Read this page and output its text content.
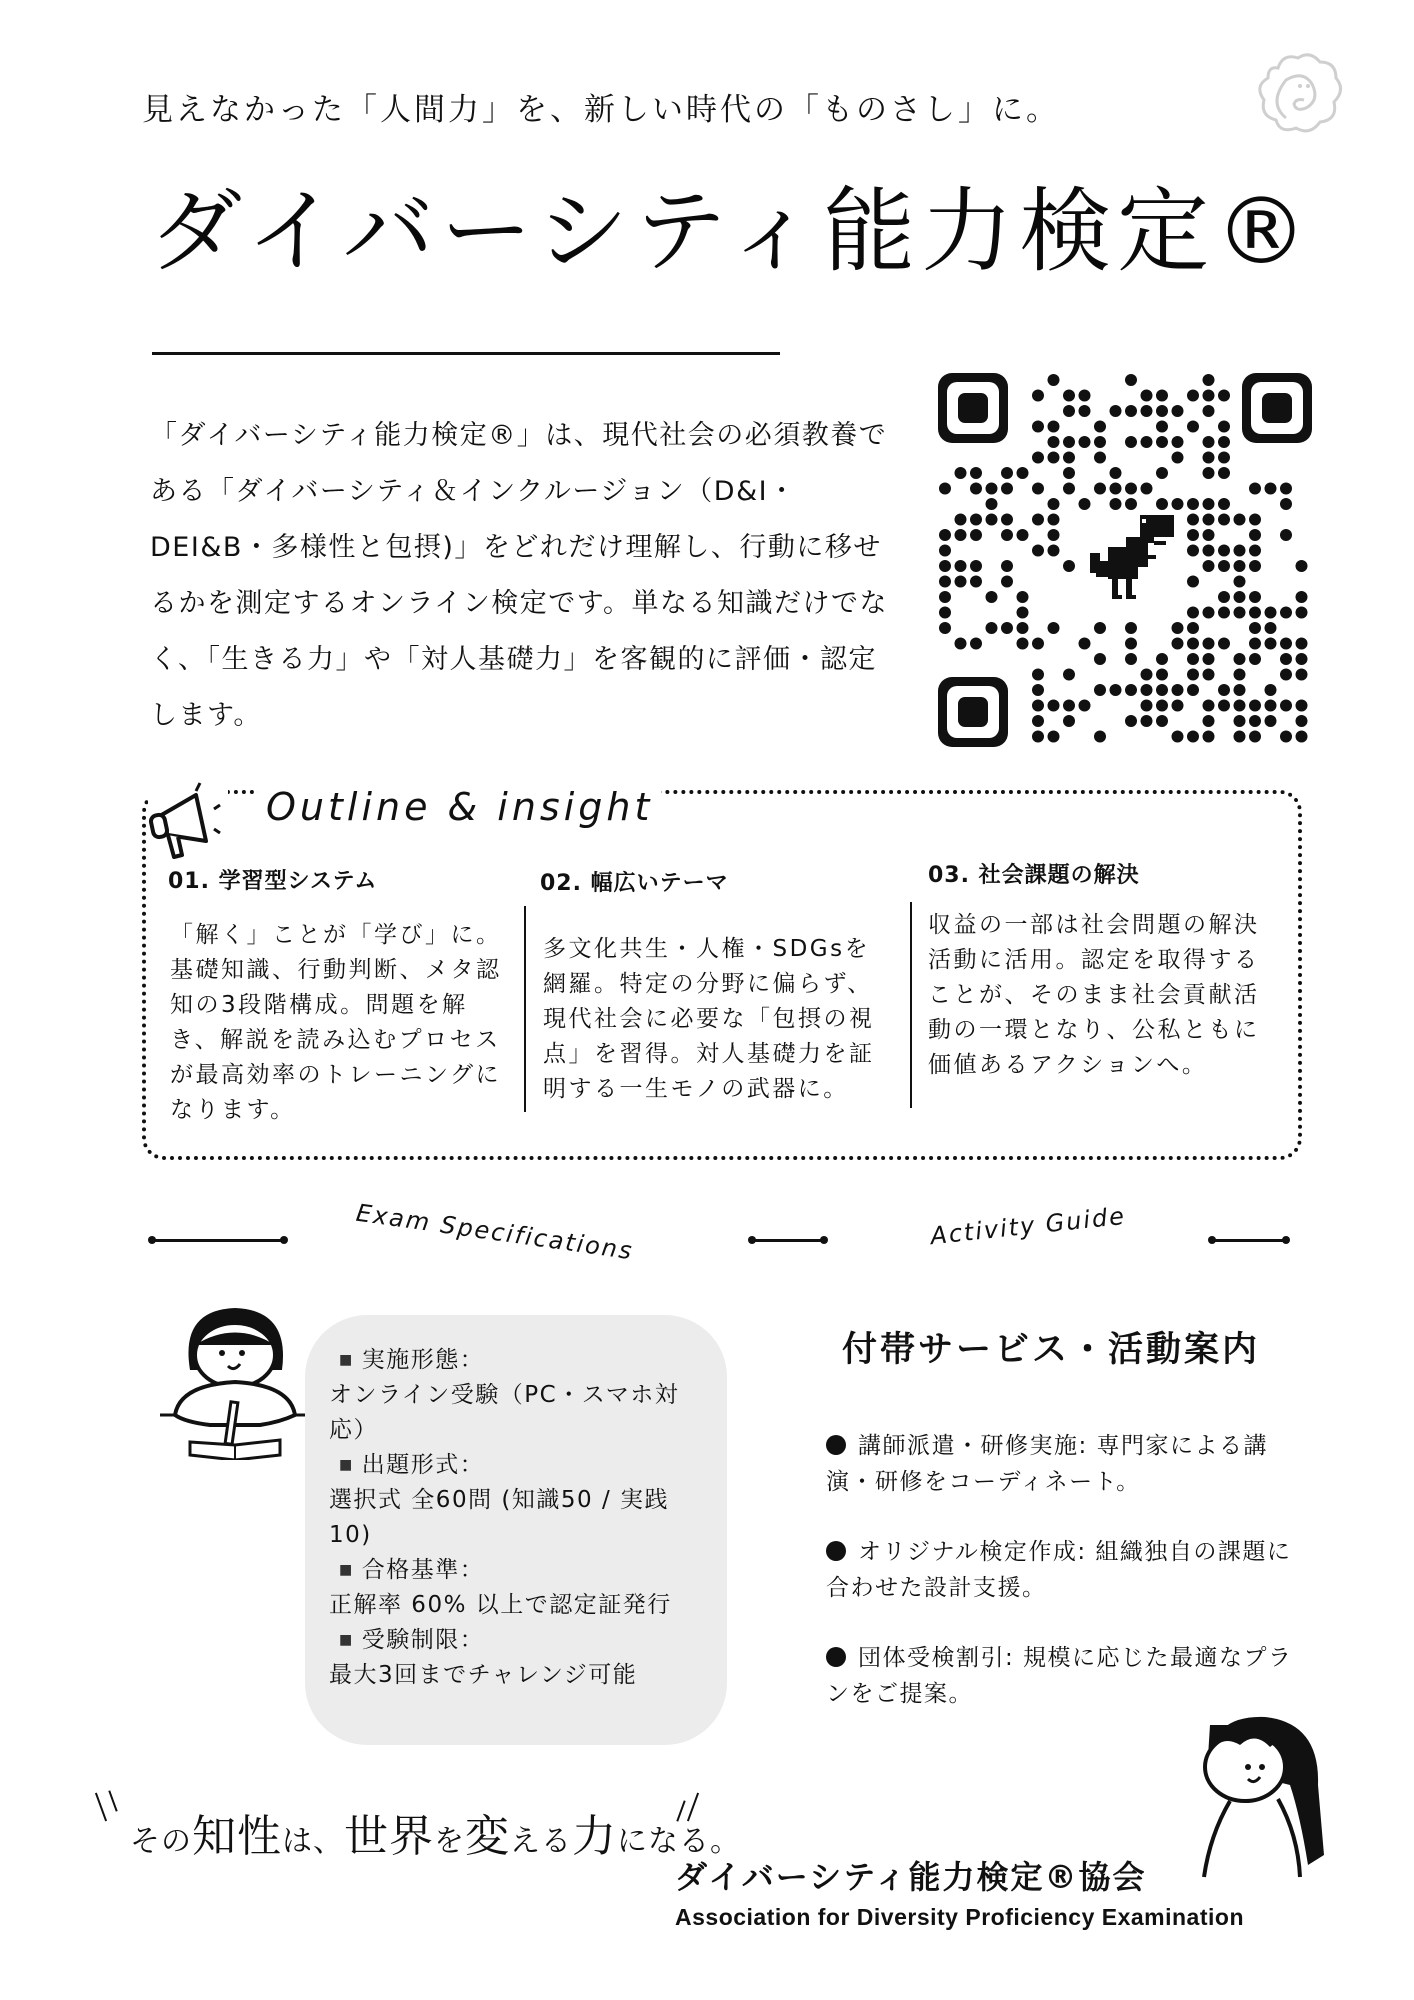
見えなかった「人間力」を、新しい時代の「ものさし」に。
ダイバーシティ能力検定®
「ダイバーシティ能力検定®」は、現代社会の必須教養である「ダイバーシティ＆インクルージョン（D&I・DEI&B・多様性と包摂)」をどれだけ理解し、行動に移せるかを測定するオンライン検定です。単なる知識だけでなく、「生きる力」や「対人基礎力」を客観的に評価・認定します。
Outline & insight
01. 学習型システム
「解く」ことが「学び」に。基礎知識、行動判断、メタ認知の3段階構成。問題を解き、解説を読み込むプロセスが最高効率のトレーニングになります。
02. 幅広いテーマ
多文化共生・人権・SDGsを網羅。特定の分野に偏らず、現代社会に必要な「包摂の視点」を習得。対人基礎力を証明する一生モノの武器に。
03. 社会課題の解決
収益の一部は社会問題の解決活動に活用。認定を取得することが、そのまま社会貢献活動の一環となり、公私ともに価値あるアクションへ。
Exam Specifications	Activity Guide
■ 実施形態：
オンライン受験（PC・スマホ対応）
■ 出題形式：
選択式 全60問 (知識50 / 実践10)
■ 合格基準：
正解率 60% 以上で認定証発行
■ 受験制限：
最大3回までチャレンジ可能
付帯サービス・活動案内
講師派遣・研修実施: 専門家による講演・研修をコーディネート。
オリジナル検定作成: 組織独自の課題に合わせた設計支援。
団体受検割引: 規模に応じた最適なプランをご提案。
その知性は、世界を変える力になる。
ダイバーシティ能力検定®協会
Association for Diversity Proficiency Examination
